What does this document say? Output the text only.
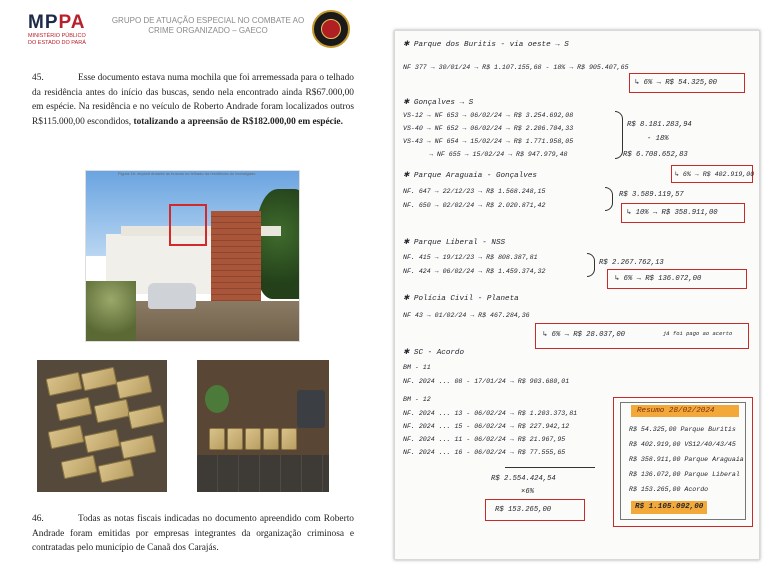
MPPA
MINISTÉRIO PÚBLICO
DO ESTADO DO PARÁ
GRUPO DE ATUAÇÃO ESPECIAL NO COMBATE AO
CRIME ORGANIZADO – GAECO
45.	Esse documento estava numa mochila que foi arremessada para o telhado da residência antes do início das buscas, sendo nela encontrado ainda R$67.000,00 em espécie. Na residência e no veículo de Roberto Andrade foram localizados outros R$115.000,00 escondidos, totalizando a apreensão de R$182.000,00 em espécie.
Figura 16: depósit durante as buscas no telhado da residência do investigado
46.	Todas as notas fiscais indicadas no documento apreendido com Roberto Andrade foram emitidas por empresas integrantes da organização criminosa e contratadas pelo município de Canaã dos Carajás.
✱ Parque dos Buritis - via oeste → S
NF 377 → 30/01/24 → R$ 1.107.155,68 - 18% → R$ 905.407,65
↳ 6% → R$ 54.325,00
✱ Gonçalves → S
VS-12 → NF 653 → 06/02/24 → R$ 3.254.692,08
VS-40 → NF 652 → 06/02/24 → R$ 2.206.704,33
VS-43 → NF 654 → 15/02/24 → R$ 1.771.958,05
→ NF 655 → 15/02/24 → R$ 947.979,48
R$ 8.181.283,94
- 18%
R$ 6.708.652,83
↳ 6% → R$ 402.919,00
✱ Parque Araguaia - Gonçalves
NF. 647 → 22/12/23 → R$ 1.568.248,15
NF. 650 → 02/02/24 → R$ 2.020.871,42
R$ 3.589.119,57
↳ 10% → R$ 358.911,00
✱ Parque Liberal - NSS
NF. 415 → 19/12/23 → R$ 808.387,81
NF. 424 → 06/02/24 → R$ 1.459.374,32
R$ 2.267.762,13
↳ 6% → R$ 136.072,00
✱ Polícia Civil - Planeta
NF 43 → 01/02/24 → R$ 467.284,36
↳ 6% → R$ 28.037,00	já foi pago ao acerto
✱ SC - Acordo
BM - 11
NF. 2024 ... 08 - 17/01/24 → R$ 903.680,01
BM - 12
NF. 2024 ... 13 - 06/02/24 → R$ 1.203.373,81
NF. 2024 ... 15 - 06/02/24 → R$ 227.942,12
NF. 2024 ... 11 - 06/02/24 → R$ 21.967,95
NF. 2024 ... 16 - 06/02/24 → R$ 77.555,65
R$ 2.554.424,54
×6%
R$ 153.265,00
Resumo 28/02/2024
R$ 54.325,00 Parque Buritis
R$ 402.919,00 VS12/40/43/45
R$ 358.911,00 Parque Araguaia
R$ 136.072,00 Parque Liberal
R$ 153.265,00 Acordo
R$ 1.105.092,00
